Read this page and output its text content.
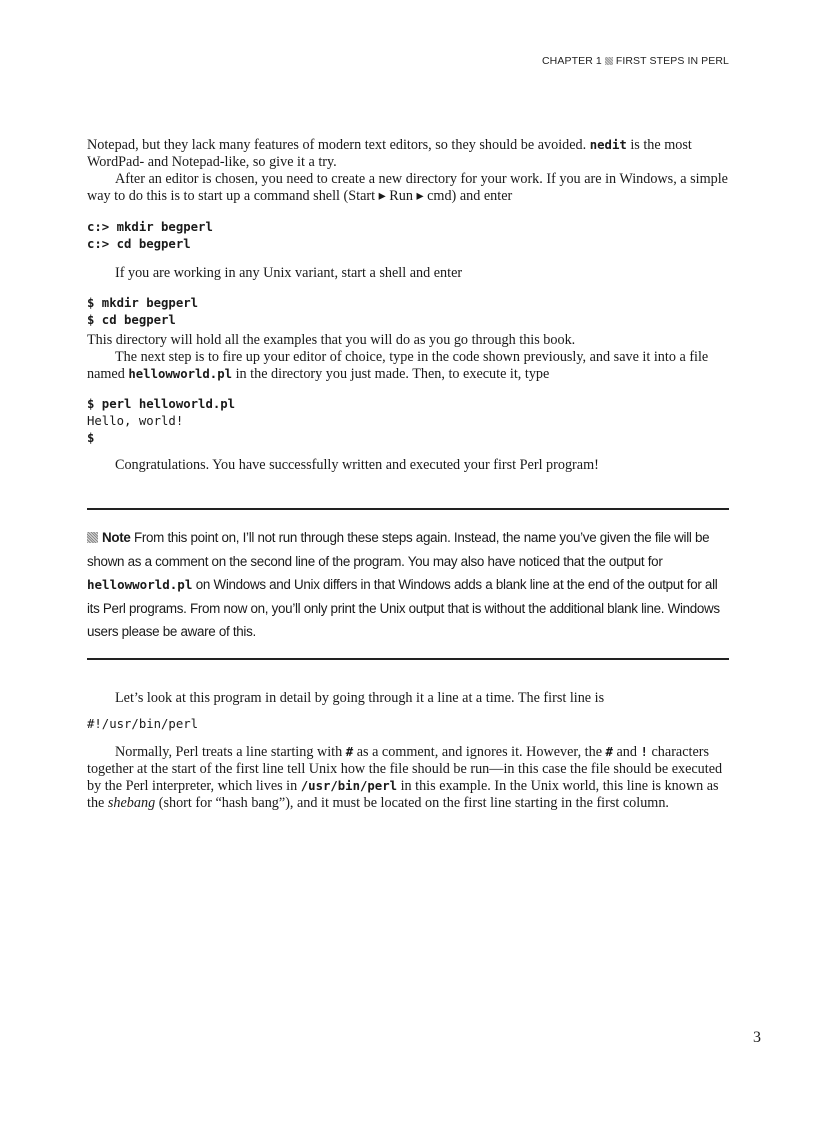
CHAPTER 1 FIRST STEPS IN PERL

Notepad, but they lack many features of modern text editors, so they should be avoided. nedit is the most WordPad- and Notepad-like, so give it a try.

After an editor is chosen, you need to create a new directory for your work. If you are in Windows, a simple way to do this is to start up a command shell (Start ▸ Run ▸ cmd) and enter

c:> mkdir begperl
c:> cd begperl

If you are working in any Unix variant, start a shell and enter

$ mkdir begperl
$ cd begperl

This directory will hold all the examples that you will do as you go through this book.

The next step is to fire up your editor of choice, type in the code shown previously, and save it into a file named hellowworld.pl in the directory you just made. Then, to execute it, type

$ perl helloworld.pl
Hello, world!
$

Congratulations. You have successfully written and executed your first Perl program!

Note From this point on, I’ll not run through these steps again. Instead, the name you’ve given the file will be shown as a comment on the second line of the program. You may also have noticed that the output for hellowworld.pl on Windows and Unix differs in that Windows adds a blank line at the end of the output for all its Perl programs. From now on, you’ll only print the Unix output that is without the additional blank line. Windows users please be aware of this.

Let’s look at this program in detail by going through it a line at a time. The first line is

#!/usr/bin/perl

Normally, Perl treats a line starting with # as a comment, and ignores it. However, the # and ! characters together at the start of the first line tell Unix how the file should be run—in this case the file should be executed by the Perl interpreter, which lives in /usr/bin/perl in this example. In the Unix world, this line is known as the shebang (short for “hash bang”), and it must be located on the first line starting in the first column.

3
